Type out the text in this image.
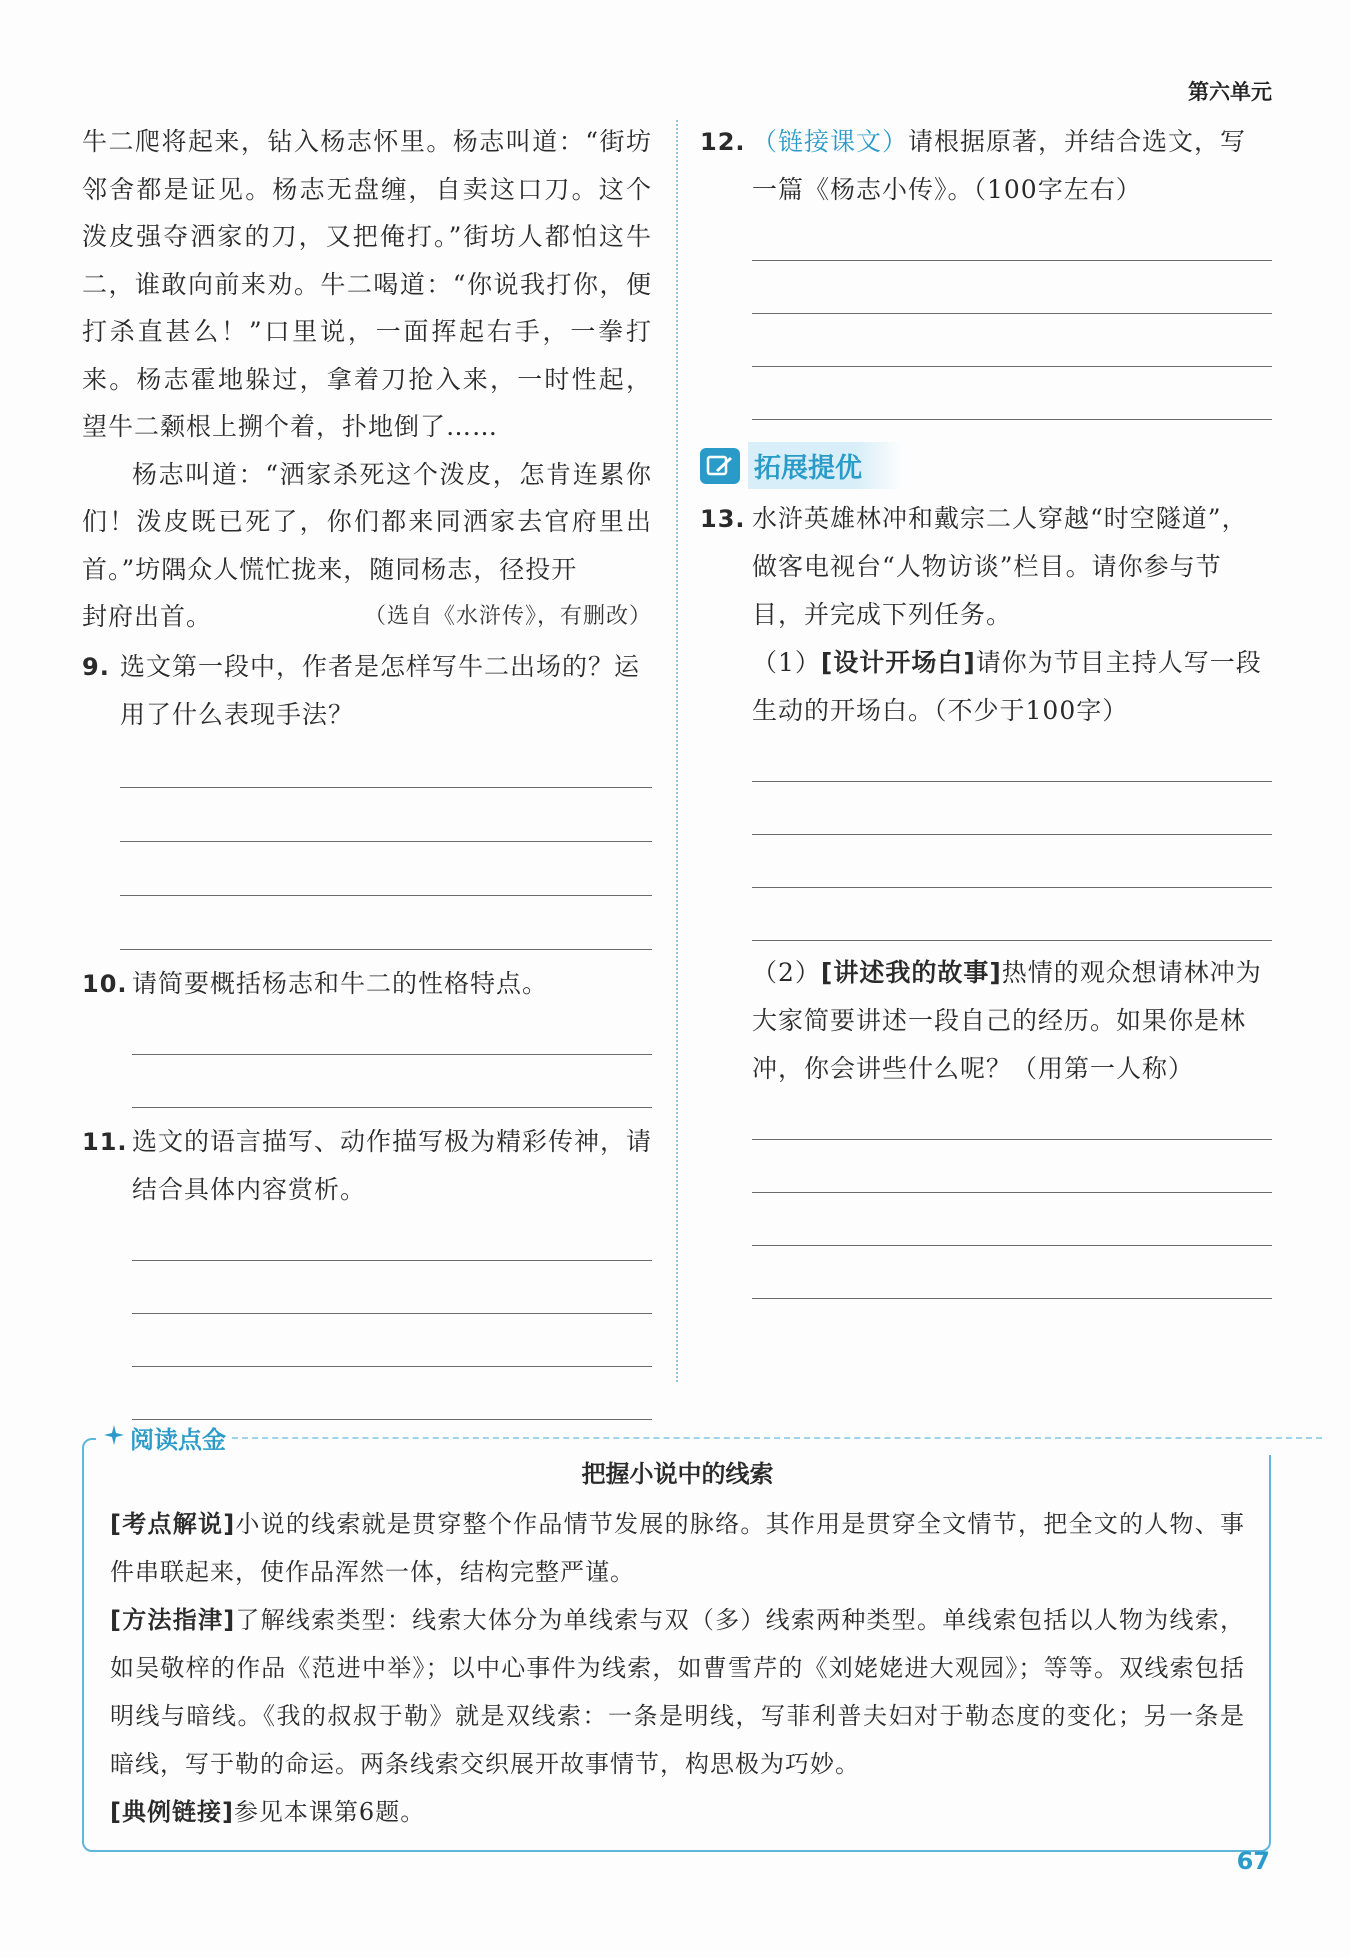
第六单元

牛二爬将起来，钻入杨志怀里。杨志叫道：“街坊邻舍都是证见。杨志无盘缠，自卖这口刀。这个泼皮强夺洒家的刀，又把俺打。”街坊人都怕这牛二，谁敢向前来劝。牛二喝道：“你说我打你，便打杀直甚么！”口里说，一面挥起右手，一拳打来。杨志霍地躲过，拿着刀抢入来，一时性起，望牛二颡根上搠个着，扑地倒了……

杨志叫道：“洒家杀死这个泼皮，怎肯连累你们！泼皮既已死了，你们都来同洒家去官府里出首。”坊隅众人慌忙拢来，随同杨志，径投开

封府出首。	（选自《水浒传》，有删改）
9. 选文第一段中，作者是怎样写牛二出场的？运用了什么表现手法？
10. 请简要概括杨志和牛二的性格特点。
11. 选文的语言描写、动作描写极为精彩传神，请结合具体内容赏析。
12. （链接课文）请根据原著，并结合选文，写一篇《杨志小传》。（100字左右）
拓展提优
13. 水浒英雄林冲和戴宗二人穿越“时空隧道”，做客电视台“人物访谈”栏目。请你参与节目，并完成下列任务。
（1）[设计开场白]请你为节目主持人写一段生动的开场白。（不少于100字）
（2）[讲述我的故事]热情的观众想请林冲为大家简要讲述一段自己的经历。如果你是林冲，你会讲些什么呢？（用第一人称）
阅读点金
把握小说中的线索

[考点解说]小说的线索就是贯穿整个作品情节发展的脉络。其作用是贯穿全文情节，把全文的人物、事件串联起来，使作品浑然一体，结构完整严谨。

[方法指津]了解线索类型：线索大体分为单线索与双（多）线索两种类型。单线索包括以人物为线索，如吴敬梓的作品《范进中举》；以中心事件为线索，如曹雪芹的《刘姥姥进大观园》；等等。双线索包括明线与暗线。《我的叔叔于勒》就是双线索：一条是明线，写菲利普夫妇对于勒态度的变化；另一条是暗线，写于勒的命运。两条线索交织展开故事情节，构思极为巧妙。

[典例链接]参见本课第6题。

67
